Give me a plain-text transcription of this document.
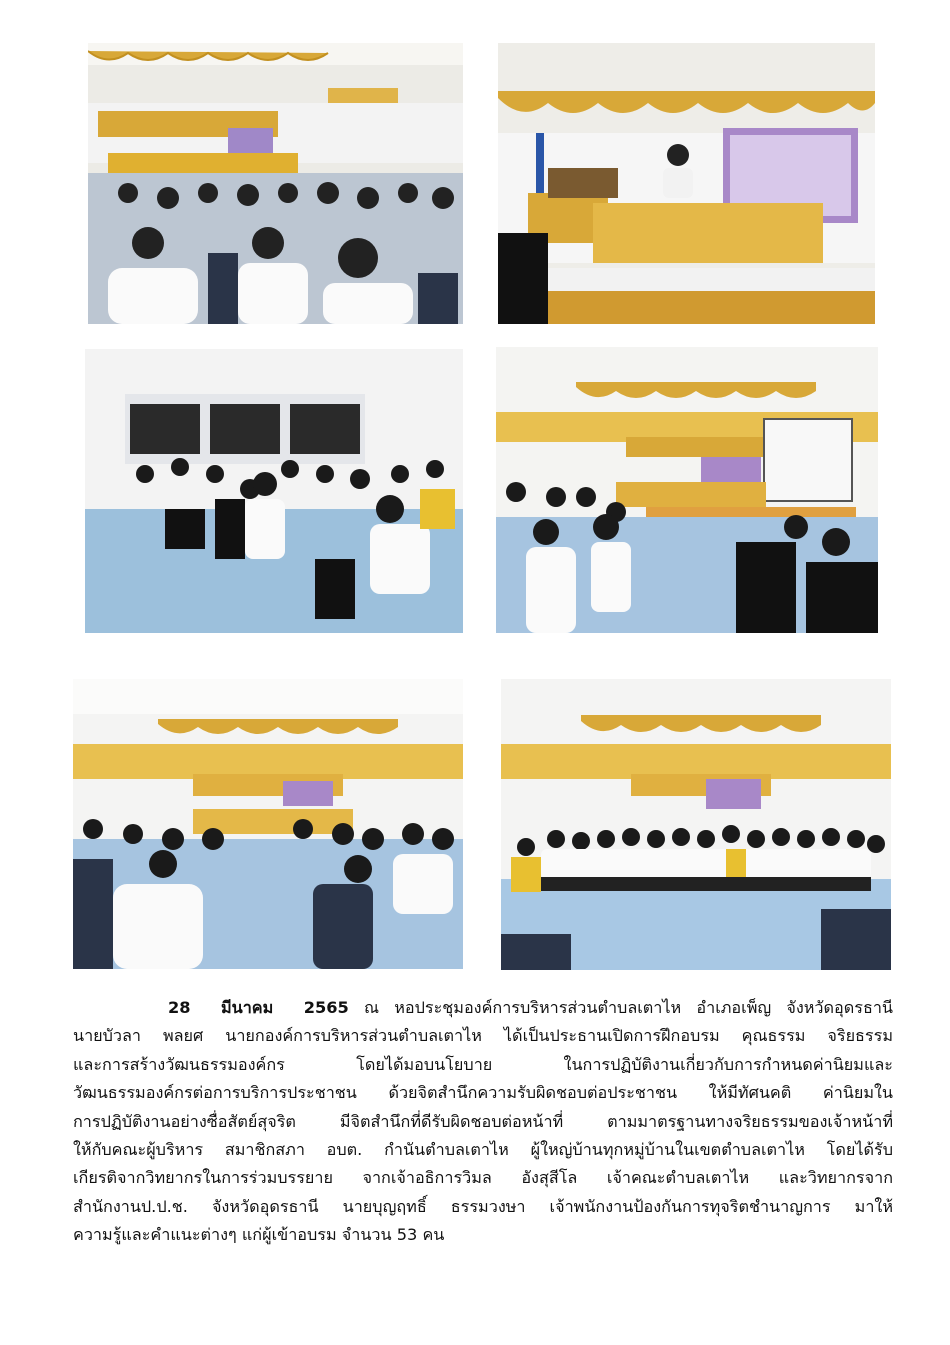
28 มีนาคม 2565 ณ หอประชุมองค์การบริหารส่วนตำบลเตาไห อำเภอเพ็ญ จังหวัดอุดรธานี
นายบัวลา พลยศ นายกองค์การบริหารส่วนตำบลเตาไห ได้เป็นประธานเปิดการฝึกอบรม คุณธรรม จริยธรรม
และการสร้างวัฒนธรรมองค์กร โดยได้มอบนโยบาย ในการปฏิบัติงานเกี่ยวกับการกำหนดค่านิยมและ
วัฒนธรรมองค์กรต่อการบริการประชาชน ด้วยจิตสำนึกความรับผิดชอบต่อประชาชน ให้มีทัศนคติ ค่านิยมใน
การปฏิบัติงานอย่างซื่อสัตย์สุจริต มีจิตสำนึกที่ดีรับผิดชอบต่อหน้าที่ ตามมาตรฐานทางจริยธรรมของเจ้าหน้าที่
ให้กับคณะผู้บริหาร สมาชิกสภา อบต. กำนันตำบลเตาไห ผู้ใหญ่บ้านทุกหมู่บ้านในเขตตำบลเตาไห โดยได้รับ
เกียรติจากวิทยากรในการร่วมบรรยาย จากเจ้าอธิการวิมล อังสุสีโล เจ้าคณะตำบลเตาไห และวิทยากรจาก
สำนักงานป.ป.ช. จังหวัดอุดรธานี นายบุญฤทธิ์ ธรรมวงษา เจ้าพนักงานป้องกันการทุจริตชำนาญการ มาให้
ความรู้และคำแนะต่างๆ แก่ผู้เข้าอบรม จำนวน 53 คน
